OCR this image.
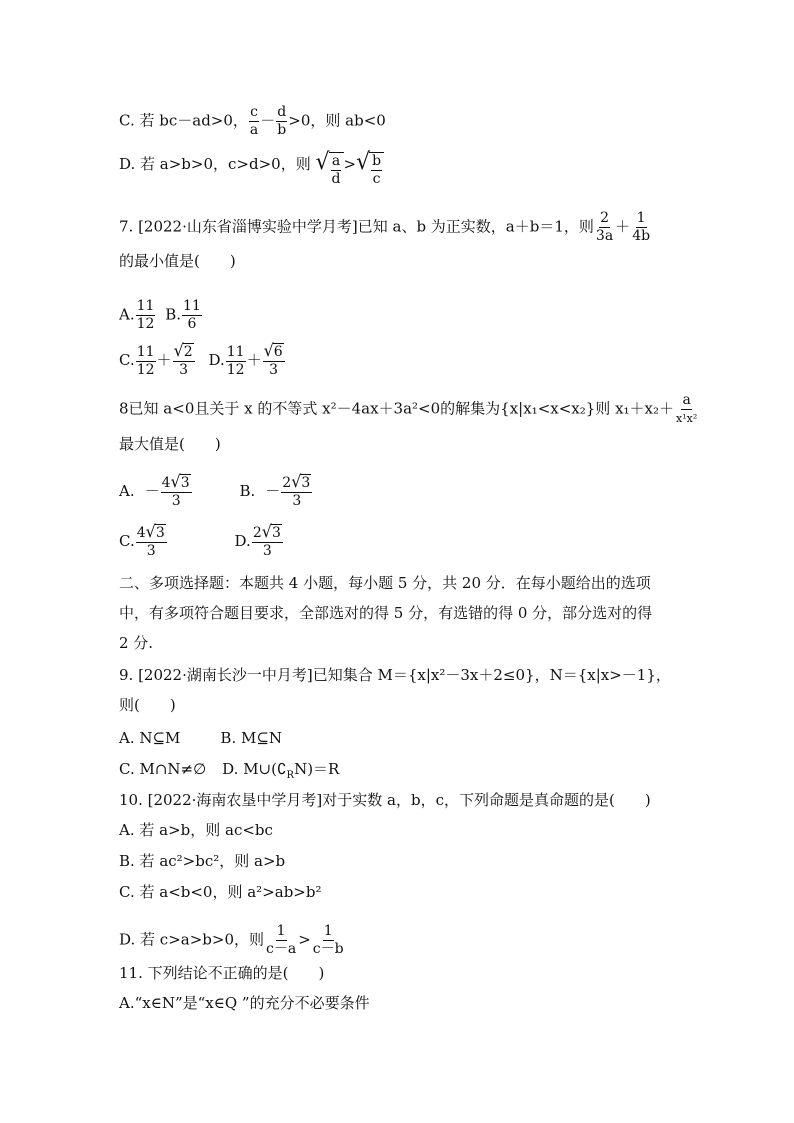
C. 若 bc－ad>0， $\frac{c}{a} - \frac{d}{b} >0$，则 ab<0
D. 若 a>b>0，c>d>0，则 √ $\frac{a}{d}$ > √ $\frac{b}{c}$
7. [2022·山东省淄博实验中学月考]已知 a、b 为正实数，a＋b＝1，则 $\frac{2}{3a} + \frac{1}{4b}$
的最小值是(　　)
A. $\frac{11}{12} B$. $\frac{11}{6}$
C. $\frac{11}{12} + \frac{√ 2}{3} D$. $\frac{11}{12} + \frac{√ 6}{3}$
8已知 a<0且关于 x 的不等式 x²－4ax＋3a²<0的解集为{x|x₁<x<x₂}则 $x_1+x_2+ \frac{a}{\text{x¹x²}}$
最大值是(　　)
A. － $\frac{4 √ 3}{3}$	B. － $\frac{2 √ 3}{3}$
C. $\frac{4 √ 3}{3}$	D. $\frac{2 √ 3}{3}$
二、多项选择题：本题共 4 小题，每小题 5 分，共 20 分．在每小题给出的选项
中，有多项符合题目要求，全部选对的得 5 分，有选错的得 0 分，部分选对的得
2 分.
9. [2022·湖南长沙一中月考]已知集合 M＝{x|x²－3x＋2≤0}，N＝{x|x>－1}，
则(　　)
A. N⊆M	B. M⊆N
C. M∩N≠∅ D. $M\cup(∁_RN)=R$
10. [2022·海南农垦中学月考]对于实数 a，b，c，下列命题是真命题的是(　　)
A. 若 a>b，则 ac<bc
B. 若 ac²>bc²，则 a>b
C. 若 a<b<0，则 a²>ab>b²
D. 若 c>a>b>0，则 $\frac{1}{c-a} > \frac{1}{c-b}$
11. 下列结论不正确的是(　　)
A.“x∈N”是“x∈Q ”的充分不必要条件
